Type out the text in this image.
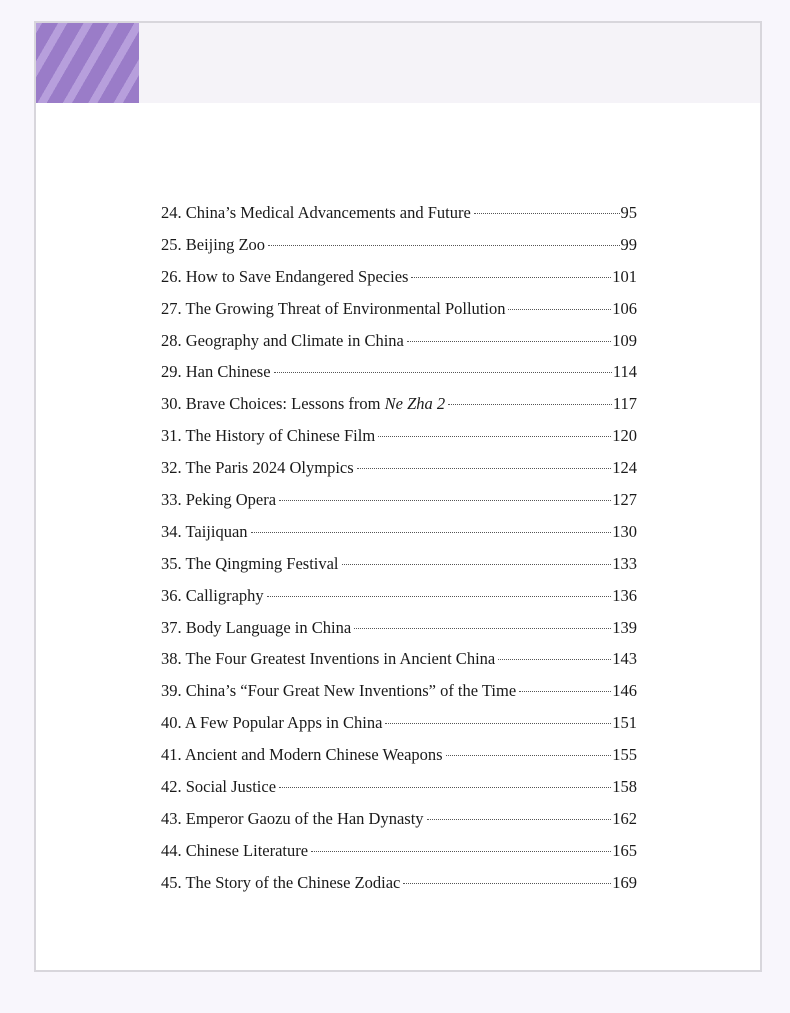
24. China’s Medical Advancements and Future	95
25. Beijing Zoo	99
26. How to Save Endangered Species	101
27. The Growing Threat of Environmental Pollution	106
28. Geography and Climate in China	109
29. Han Chinese	114
30. Brave Choices: Lessons from Ne Zha 2	117
31. The History of Chinese Film	120
32. The Paris 2024 Olympics	124
33. Peking Opera	127
34. Taijiquan	130
35. The Qingming Festival	133
36. Calligraphy	136
37. Body Language in China	139
38. The Four Greatest Inventions in Ancient China	143
39. China’s “Four Great New Inventions” of the Time	146
40. A Few Popular Apps in China	151
41. Ancient and Modern Chinese Weapons	155
42. Social Justice	158
43. Emperor Gaozu of the Han Dynasty	162
44. Chinese Literature	165
45. The Story of the Chinese Zodiac	169
